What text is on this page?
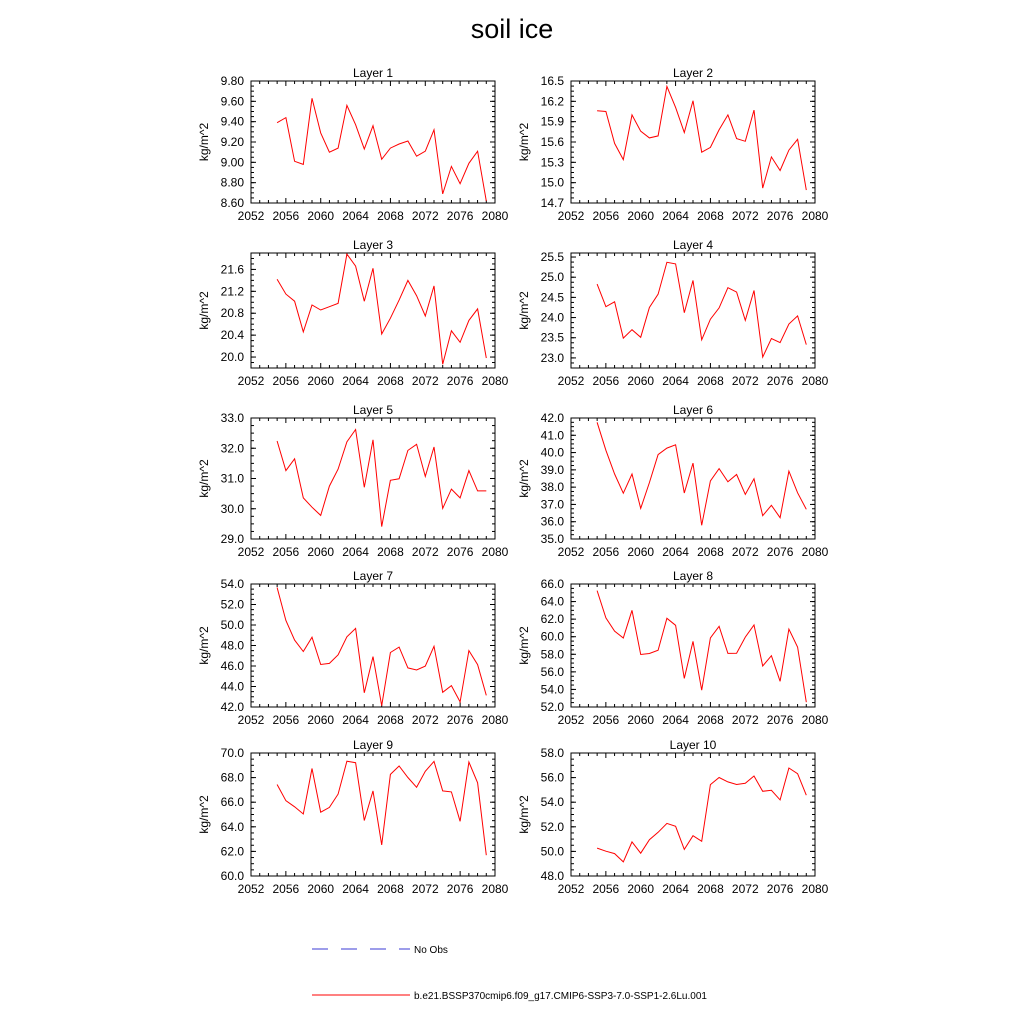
soil ice
Layer 1
kg/m^2
2052 2056 2060 2064 2068 2072 2076 2080
8.60
8.80
9.00
9.20
9.40
9.60
9.80
Layer 2
kg/m^2
2052 2056 2060 2064 2068 2072 2076 2080
14.7
15.0
15.3
15.6
15.9
16.2
16.5
Layer 3
kg/m^2
2052 2056 2060 2064 2068 2072 2076 2080
20.0
20.4
20.8
21.2
21.6
Layer 4
kg/m^2
2052 2056 2060 2064 2068 2072 2076 2080
23.0
23.5
24.0
24.5
25.0
25.5
Layer 5
kg/m^2
2052 2056 2060 2064 2068 2072 2076 2080
29.0
30.0
31.0
32.0
33.0
Layer 6
kg/m^2
2052 2056 2060 2064 2068 2072 2076 2080
35.0
36.0
37.0
38.0
39.0
40.0
41.0
42.0
Layer 7
kg/m^2
2052 2056 2060 2064 2068 2072 2076 2080
42.0
44.0
46.0
48.0
50.0
52.0
54.0
Layer 8
kg/m^2
2052 2056 2060 2064 2068 2072 2076 2080
52.0
54.0
56.0
58.0
60.0
62.0
64.0
66.0
Layer 9
kg/m^2
2052 2056 2060 2064 2068 2072 2076 2080
60.0
62.0
64.0
66.0
68.0
70.0
Layer 10
kg/m^2
2052 2056 2060 2064 2068 2072 2076 2080
48.0
50.0
52.0
54.0
56.0
58.0
No Obs
b.e21.BSSP370cmip6.f09_g17.CMIP6-SSP3-7.0-SSP1-2.6Lu.001
